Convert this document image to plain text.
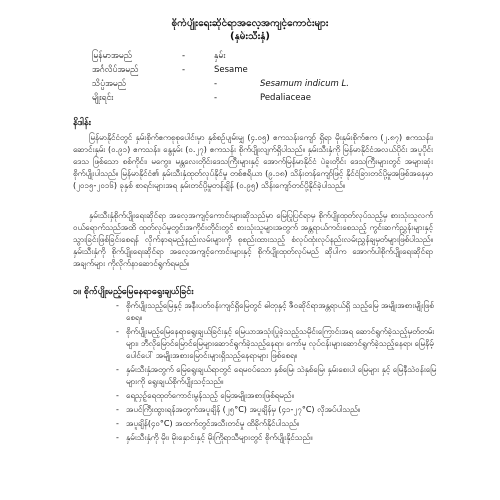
စိုက်ပျိုးရေးဆိုင်ရာအလေ့အကျင့်ကောင်းများ
(နှမ်းသီးနှံ)
မြန်မာအမည်	-	နှမ်း
အင်္ဂလိပ်အမည်	-	Sesame
သိပ္ပံအမည်	-	Sesamum indicum L.
မျိုးရင်း	-	Pedaliaceae
နိဒါန်း
မြန်မာနိုင်ငံတွင် နှမ်းစိုက်ဧကစုစုပေါင်းမှာ နှစ်စဉ်ပျမ်းမျှ (၄.၀၅) ဧကသန်းကျော် ရှိရာ မိုးနှမ်းစိုက်ဧက (၂.၈၇) ဧကသန်း၊ ဆောင်းနှမ်း (၀.၉၁) ဧကသန်း၊ နွေနှမ်း (၀.၂၇) ဧကသန်း စိုက်ပျိုးလျက်ရှိပါသည်။ နှမ်းသီးနှံကို မြန်မာနိုင်ငံအလယ်ပိုင်း အပူပိုင်းဒေသ ဖြစ်သော စစ်ကိုင်း၊ မကွေး၊ မန္တလေးတိုင်းဒေသကြီးများနှင့် အောက်မြန်မာနိုင်ငံ ပဲခူးတိုင်း ဒေသကြီးများတွင် အများဆုံးစိုက်ပျိုးပါသည်။ မြန်မာနိုင်ငံ၏ နှမ်းသီးနှံထုတ်လုပ်နိုင်မှု တစ်ဧရိယာ (၉.၁၈) သိန်းတန်ကျော်ဖြင့် နိုင်ငံခြားတင်ပို့မှုအဖြစ်အနေမှာ (၂၀၁၅-၂၀၁၆) ခုနှစ် စာရင်းများအရ နှမ်းတင်ပို့မှုတန်ချိန် (၀.၉၅) သိန်းကျော်တင်ပို့နိုင်ခဲ့ပါသည်။
နှမ်းသီးနှံစိုက်ပျိုးရေးဆိုင်ရာ အလေ့အကျင့်ကောင်းများဆိုသည်မှာ မြေပြုပြင်ရာမှ စိုက်ပျိုးထုတ်လုပ်သည့်မှ စားသုံးသူလက်ဝယ်ရောက်သည်အထိ ထုတ်လုပ်မှုတွင်းအကိုင်းတိုင်းတွင် စားသုံးသူများအတွက် အန္တရာယ်ကင်းစေသည့် ကွင်းဆက်ညွှန်းများနှင့်သွားခြင်းဖြစ်ခြင်းစေရန် လိုက်နာရမည့်နည်းလမ်းများကို စုစည်းထားသည့် စံလုပ်ထုံးလုပ်နည်းလမ်းညွှန်ချမှတ်များဖြစ်ပါသည်။ နှမ်းသီးနှံကို စိုက်ပျိုးရေးဆိုင်ရာ အလေ့အကျင့်ကောင်းများနှင့် စိုက်ပျိုးထုတ်လုပ်မည် ဆိုပါက အောက်ပါစိုက်ပျိုးရေးဆိုင်ရာအချက်များ ကိုလိုက်နာဆောင်ရွက်ရမည်။
၁။ စိုက်ပျိုးမည့်မြေနေရာရွေးချယ်ခြင်း
- စိုက်ပျိုးသည့်မြေနှင့် အနီးပတ်ဝန်းကျင်ရှိမြေတွင် ဓါတုနှင့် ဇီဝဆိုင်ရာအန္တရာယ်ရှိ သည့်မြေ အမျိုးအစားမျိုးဖြစ်စေရ။
- စိုက်ပျိုးမည့်မြေနေရာရွေးချယ်ခြင်းနှင့် မြေယာအသုံးပြုခဲ့သည့်သမိုင်းကြောင်းအရ ဆောင်ရွက်ခဲ့သည့်မှတ်တမ်းများ၊ ဘီလိုမြောင်မြောင်မြေများဆောင်ရွက်ခဲ့သည့်နေရာ၊ ကော်မူ လုပ်ငန်းများဆောင်ရွက်ခဲ့သည့်နေရာ၊ မြေနိမ့်ပေါင်ပေါ် အမျိုးအစားမြောင်းများရှိသည့်နေရာများ ဖြစ်စေရ။
- နှမ်းသီးနှံအတွက် မြေရွေးချယ်ရာတွင် ရေမဝပ်သော နှစ်မြေ၊ သဲနှစ်မြေ၊ နှမ်းစေးပါ မြေများ နှင့် မြေနီသဲဝန်းမြေများကို ရွေးချယ်စိုက်ပျိုးသင့်သည်။
- ရေညှဉ့်ရေထုတ်ကောင်းမွန်သည့် မြေအမျိုးအစားဖြစ်ရမည်။
- အပင်ကြီးထွားရန်အတွက်အပူချိန် (၂၅°C) အပူချိန်မှ (၄၁-၂၇°C) လိုအပ်ပါသည်။
- အပူချိန်(၄၀°C) အထက်တွင်အသီးတင်မှု ထိခိုက်နိုင်ပါသည်။
- နှမ်းသီးနှံကို မိုး၊ မိုးနှောင်းနှင့် မိုးကြိုရာသီများတွင် စိုက်ပျိုးနိုင်သည်။
